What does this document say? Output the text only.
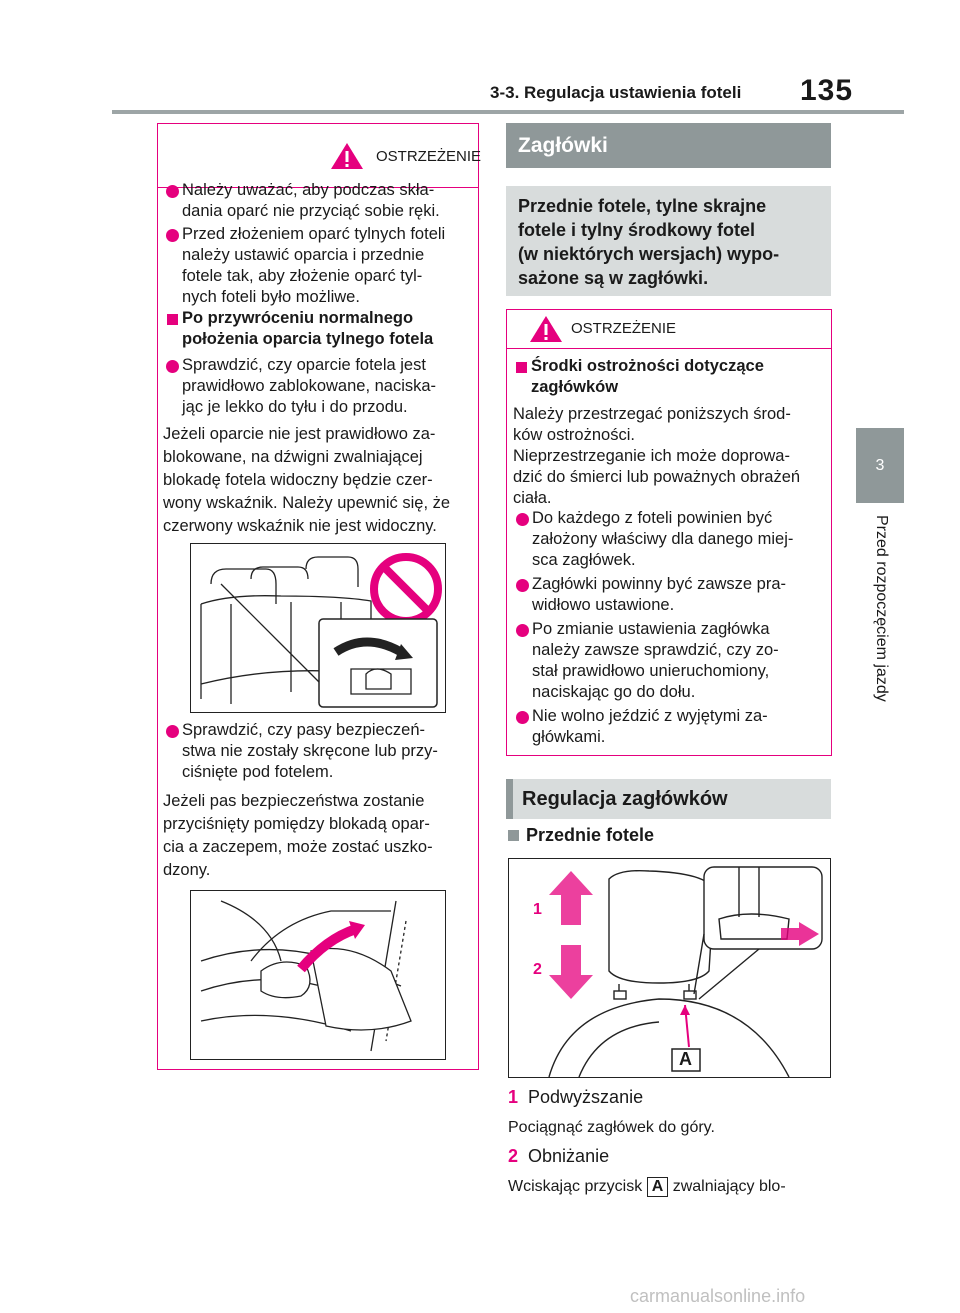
3-3. Regulacja ustawienia foteli 135
3
Przed rozpoczęciem jazdy
OSTRZEŻENIE
Należy uważać, aby podczas skła-
dania oparć nie przyciąć sobie ręki.
Przed złożeniem oparć tylnych foteli
należy ustawić oparcia i przednie
fotele tak, aby złożenie oparć tyl-
nych foteli było możliwe.
Po przywróceniu normalnego
położenia oparcia tylnego fotela
Sprawdzić, czy oparcie fotela jest
prawidłowo zablokowane, naciska-
jąc je lekko do tyłu i do przodu.
Jeżeli oparcie nie jest prawidłowo za-
blokowane, na dźwigni zwalniającej
blokadę fotela widoczny będzie czer-
wony wskaźnik. Należy upewnić się, że
czerwony wskaźnik nie jest widoczny.
Sprawdzić, czy pasy bezpieczeń-
stwa nie zostały skręcone lub przy-
ciśnięte pod fotelem.
Jeżeli pas bezpieczeństwa zostanie
przyciśnięty pomiędzy blokadą opar-
cia a zaczepem, może zostać uszko-
dzony.
Zagłówki
Przednie fotele, tylne skrajne
fotele i tylny środkowy fotel
(w niektórych wersjach) wypo-
sażone są w zagłówki.
OSTRZEŻENIE
Środki ostrożności dotyczące
zagłówków
Należy przestrzegać poniższych środ-
ków ostrożności.
Nieprzestrzeganie ich może doprowa-
dzić do śmierci lub poważnych obrażeń
ciała.
Do każdego z foteli powinien być
założony właściwy dla danego miej-
sca zagłówek.
Zagłówki powinny być zawsze pra-
widłowo ustawione.
Po zmianie ustawienia zagłówka
należy zawsze sprawdzić, czy zo-
stał prawidłowo unieruchomiony,
naciskając go do dołu.
Nie wolno jeździć z wyjętymi za-
główkami.
Regulacja zagłówków
Przednie fotele
1
2
A
1 Podwyższanie
Pociągnąć zagłówek do góry.
2 Obniżanie
Wciskając przycisk A zwalniający blo-
carmanualsonline.info
